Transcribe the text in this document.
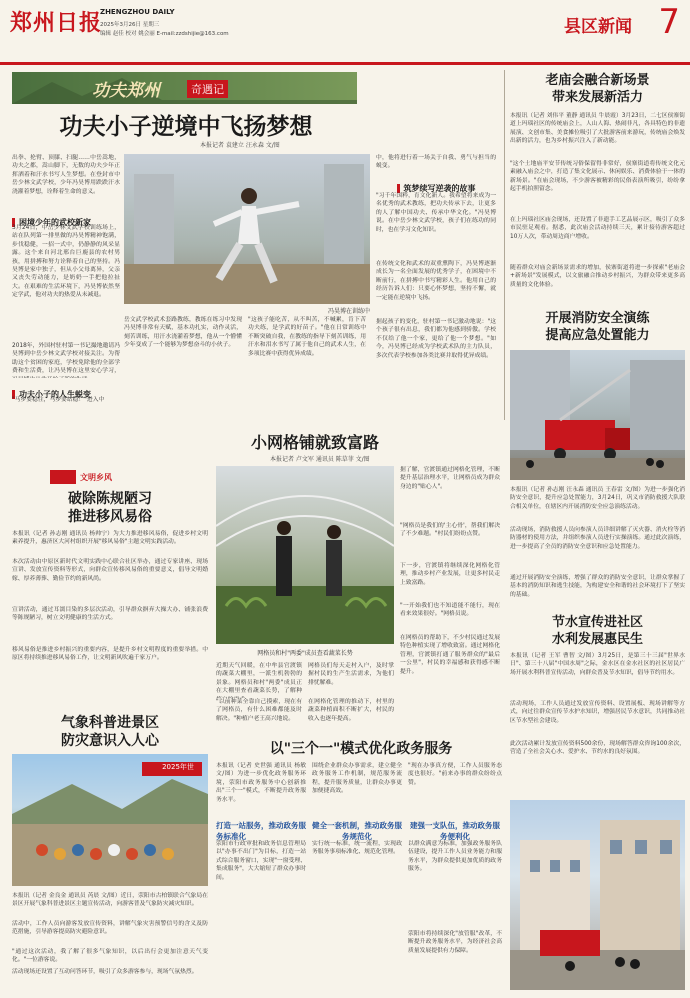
郑州日报
ZHENGZHOU DAILY
2025年3月26日 星期三
编辑 赵佳 校对 姚会丽 E-mail:zzdshijie@163.com	县区新闻 7
功夫郑州	奇遇记
功夫小子逆境中飞扬梦想
本报记者 袁建立 汪永森 文/图
出拳、抡臂、顶膝、扫腿……中岳嵩地，功夫之都，嵩山脚下，无数的功夫少年正挥洒着和汗水书写人生梦想。在登封市中岳少林文武学校，少年冯昊博用跌跌汗水浇灌着梦想，诠释着生命的意义。
困境少年的武校新家
3月24日，中岳少林文武学校训练场上，站在队列第一排里做的冯昊博精神饱满，步伐稳健，一招一式中，仍静静的风采显露。这个来自河北邢台巨鹿县的农村男孩，用拼搏和努力诠释着自己的坚持。冯昊博是家中独子，但从小父母离异，父亲又丧失劳动能力，是奶奶一手把他拉扯大。在艰难的生活环境下，冯昊博依然坚定学武，他对功夫的热爱从未减退。
2018年，外国村驻村第一书记撮地邀请冯昊博到中岳少林文武学校对接关注。为帮助这个贫困的家庭，学校免除他的全部学费和生活费，让冯昊博在这里安心学习，
功夫小子的人生蜕变
"马步要稳住，马步要站稳！"进入中
冯昊博在训练中
岳文武学校武术套路教练，教练在练习中发现冯昊博非常有天赋，基本功扎实，动作灵活，刻苦训练，用汗水浇灌着梦想，他从一个懵懂少年变成了一个能够为梦想奋斗的小伙子。
"这孩子能吃苦，从不叫苦，不喊累，肯下苦功夫练，是学武的好苗子。"他在日常训练中不断突破自我，在教练的指导下刻苦训练，用汗水和泪水书写了属于他自己的武术人生，在多项比赛中获得优异成绩。
中，他将进行着一场关于自我、勇气与担当的蜕变。
筑梦续写逆袭的故事
"习千年国粹，育文化新人。我希望将来成为一名优秀的武术教练，把功夫传承下去，让更多的人了解中国功夫、传承中华文化。"冯昊博说。在中岳少林文武学校，孩子们在练功的同时，也在学习文化知识。
在传统文化和武术的双重熏陶下，冯昊博逐渐成长为一名全面发展的优秀学子，在困境中不断前行，在拼搏中书写精彩人生。他用自己的经历告诉人们：只要心怀梦想，坚持不懈，就一定能在逆境中飞扬。
据起孩子的变化，驻村第一书记激动地说："这个孩子很有出息，我们都为他感到骄傲。学校不仅给了他一个家，更给了他一个梦想。"如今，冯昊博已经成为学校武术队的主力队员，多次代表学校参加各类比赛并取得优异成绩。
老庙会融合新场景
带来发展新活力
本报讯（记者 刘伟平 董静 通讯员 牛晨霞）3月23日，二七区侯寨街道上玛瑙社区的传统庙会上，人山人海、热闹非凡，各具特色的非遗展演、文创市集、美食摊位吸引了大批游客前来游玩，传统庙会焕发出新的活力，也为乡村振兴注入了新动能。
"这个土地庙平安节传统习俗保留得非常好，侯寨街道将传统文化元素融入庙会之中，打造了集文化展示、休闲娱乐、消费体验于一体的新场景。"在庙会现场，不少游客被精彩的民俗表演所吸引，纷纷拿起手机拍照留念。
在上玛瑙社区庙会现场，还设置了非遗手工艺品展示区，吸引了众多市民驻足观看。据悉，此次庙会活动持续三天，累计接待游客超过10万人次，带动周边商户增收。
随着群众对庙会新场景需求的增加，侯寨街道将进一步探索"老庙会+新场景"发展模式，以文旅融合推动乡村振兴，为群众带来更多高质量的文化体验。
开展消防安全演练
提高应急处置能力
本报讯（记者 孙志刚 汪永森 通讯员 王春雷 文/图）为进一步强化消防安全意识，提升应急处置能力，3月24日，巩义市消防救援大队联合相关单位，在辖区内开展消防安全应急演练活动。
活动现场，消防救援人员向参演人员详细讲解了灭火器、消火栓等消防器材的使用方法，并组织参演人员进行实操演练。通过此次演练，进一步提高了全员的消防安全意识和应急处置能力。
通过开展消防安全演练，增强了群众的消防安全意识，让群众掌握了基本的消防知识和逃生技能，为构建安全和谐的社会环境打下了坚实的基础。
节水宣传进社区
水利发展惠民生
本报讯（记者 王军 曹智 文/图）3月25日，是第三十三届"世界水日"、第三十八届"中国水周"之际，金水区在金水社区的社区居民广场开展水利科普宣传活动，向群众普及节水知识，倡导节约用水。
活动现场，工作人员通过发放宣传资料、设置展板、现场讲解等方式，向过往群众宣传节水护水知识，增强居民节水意识，共同推动社区节水型社会建设。
此次活动累计发放宣传资料500余份，现场解答群众咨询100余次，营造了全社会关心水、爱护水、节约水的良好氛围。
小网格铺就致富路
本报记者 卢文军 通讯员 陈草菲 文/图
网格员和村"两委"成员查看蔬菜长势
近期天气回暖，在中牟县官渡镇的蔬菜大棚里，一派生机勃勃的景象。网格员和村"两委"成员正在大棚里查看蔬菜长势，了解种
"以前种菜全靠自己摸索，现在有了网格员，有什么困难都能及时解决。"种植户老王高兴地说。
网格员们每天走村入户，及时掌握村民的生产生活需求，为他们排忧解难。
在网格化管理的推动下，村里的蔬菜种植面积不断扩大，村民的收入也逐年提高。
据了解，官渡镇通过网格化管理，不断提升基层治理水平，让网格员成为群众身边的"贴心人"。
"网格员是我们的'主心骨'，帮我们解决了不少难题。"村民们纷纷点赞。
下一步，官渡镇将继续深化网格化管理，推动乡村产业发展，让更多村民走上致富路。
"一开始我们也不知道能不能行，现在看来效果很好。"网格员说。
在网格员的帮助下，不少村民通过发展特色种植实现了增收致富。通过网格化管理，官渡镇打通了服务群众的"最后一公里"，村民的幸福感和获得感不断提升。
文明乡风
破除陈规陋习
推进移风易俗
本报讯（记者 孙志刚 通讯员 杨帅宁）为大力推进移风易俗，促进乡村文明素养提升，惠济区大河村组织开展"移风易俗"主题文明实践活动。
本次活动由中原区新时代文明实践中心联合社区举办，通过专家讲座、现场宣讲、发放宣传资料等形式，向群众宣传移风易俗的重要意义，倡导文明婚嫁、厚养薄葬、勤俭节约的新风尚。
宣讲活动，通过耳濡目染的多层次活动，引导群众摒弃大操大办、铺张浪费等陈规陋习，树立文明健康的生活方式。
移风易俗是推进乡村振兴的重要内容，是提升乡村文明程度的重要举措。中原区将持续推进移风易俗工作，让文明新风吹遍千家万户。
气象科普进景区
防灾意识入人心
2025年世
本报讯（记者 金良金 通讯员 芮晨 文/图）近日，荥阳市古柏镇联合气象局在景区开展气象科普进景区主题宣传活动，向游客普及气象防灾减灾知识。
活动中，工作人员向游客发放宣传资料，讲解气象灾害预警信号的含义及防范措施，引导游客提高防灾避险意识。
"通过这次活动，我了解了很多气象知识，以后出行会更加注意天气变化。"一位游客说。
活动现场还设置了互动问答环节，吸引了众多游客参与，现场气氛热烈。
以"三个一"模式优化政务服务
本报讯（记者 史世强 通讯员 杨敏 文/图）为进一步优化政务服务环境，荥阳市政务服务中心创新推出"三个一"模式，不断提升政务服务水平。
打造一站服务，推动政务服务标准化
荥阳市行政审批和政务信息管理局以"办事不出门"为目标，打造一站式综合服务窗口，实现"一窗受理、集成服务"，大大缩短了群众办事时间。
健全一套机制，推动政务服务规范化
围绕企业群众办事需求，建立健全政务服务工作机制，规范服务流程，提升服务质量，让群众办事更加便捷高效。
实行统一标准，统一流程，实现政务服务事项标准化、规范化管理。
"现在办事真方便，工作人员服务态度也很好。"前来办事的群众纷纷点赞。
建强一支队伍，推动政务服务便利化
以群众满意为标准，加强政务服务队伍建设，提升工作人员业务能力和服务水平，为群众提供更加优质的政务服务。
荥阳市将持续深化"放管服"改革，不断提升政务服务水平，为经济社会高质量发展提供有力保障。
